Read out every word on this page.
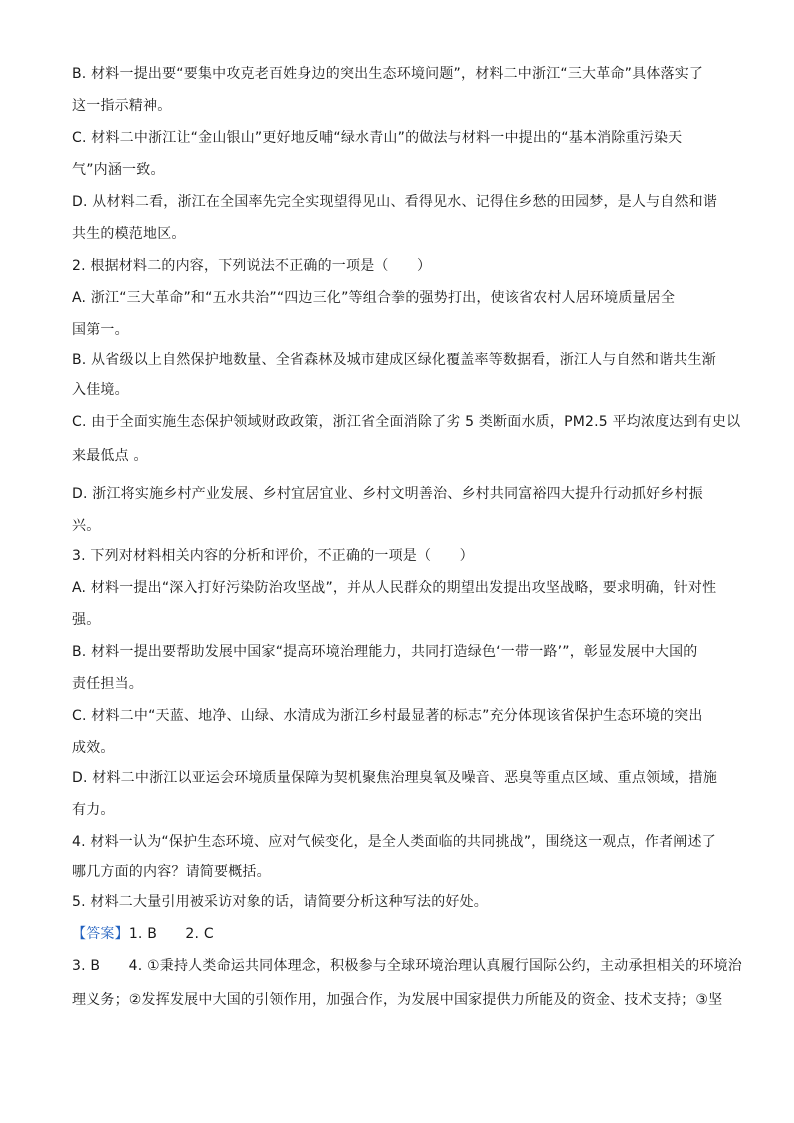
B. 材料一提出要“要集中攻克老百姓身边的突出生态环境问题”，材料二中浙江“三大革命”具体落实了
这一指示精神。
C. 材料二中浙江让“金山银山”更好地反哺“绿水青山”的做法与材料一中提出的“基本消除重污染天
气”内涵一致。
D. 从材料二看，浙江在全国率先完全实现望得见山、看得见水、记得住乡愁的田园梦，是人与自然和谐
共生的模范地区。
2. 根据材料二的内容，下列说法不正确的一项是（　　）
A. 浙江“三大革命”和“五水共治”“四边三化”等组合拳的强势打出，使该省农村人居环境质量居全
国第一。
B. 从省级以上自然保护地数量、全省森林及城市建成区绿化覆盖率等数据看，浙江人与自然和谐共生渐
入佳境。
C. 由于全面实施生态保护领域财政政策，浙江省全面消除了劣 5 类断面水质，PM2.5 平均浓度达到有史以
来最低点 。
D. 浙江将实施乡村产业发展、乡村宜居宜业、乡村文明善治、乡村共同富裕四大提升行动抓好乡村振
兴。
3. 下列对材料相关内容的分析和评价，不正确的一项是（　　）
A. 材料一提出“深入打好污染防治攻坚战”，并从人民群众的期望出发提出攻坚战略，要求明确，针对性
强。
B. 材料一提出要帮助发展中国家“提高环境治理能力，共同打造绿色‘一带一路’”，彰显发展中大国的
责任担当。
C. 材料二中“天蓝、地净、山绿、水清成为浙江乡村最显著的标志”充分体现该省保护生态环境的突出
成效。
D. 材料二中浙江以亚运会环境质量保障为契机聚焦治理臭氧及噪音、恶臭等重点区域、重点领域，措施
有力。
4. 材料一认为“保护生态环境、应对气候变化，是全人类面临的共同挑战”，围绕这一观点，作者阐述了
哪几方面的内容？请简要概括。
5. 材料二大量引用被采访对象的话，请简要分析这种写法的好处。
【答案】1. B　　2. C
3. B　　4. ①秉持人类命运共同体理念，积极参与全球环境治理认真履行国际公约，主动承担相关的环境治
理义务；②发挥发展中大国的引领作用，加强合作，为发展中国家提供力所能及的资金、技术支持；③坚
